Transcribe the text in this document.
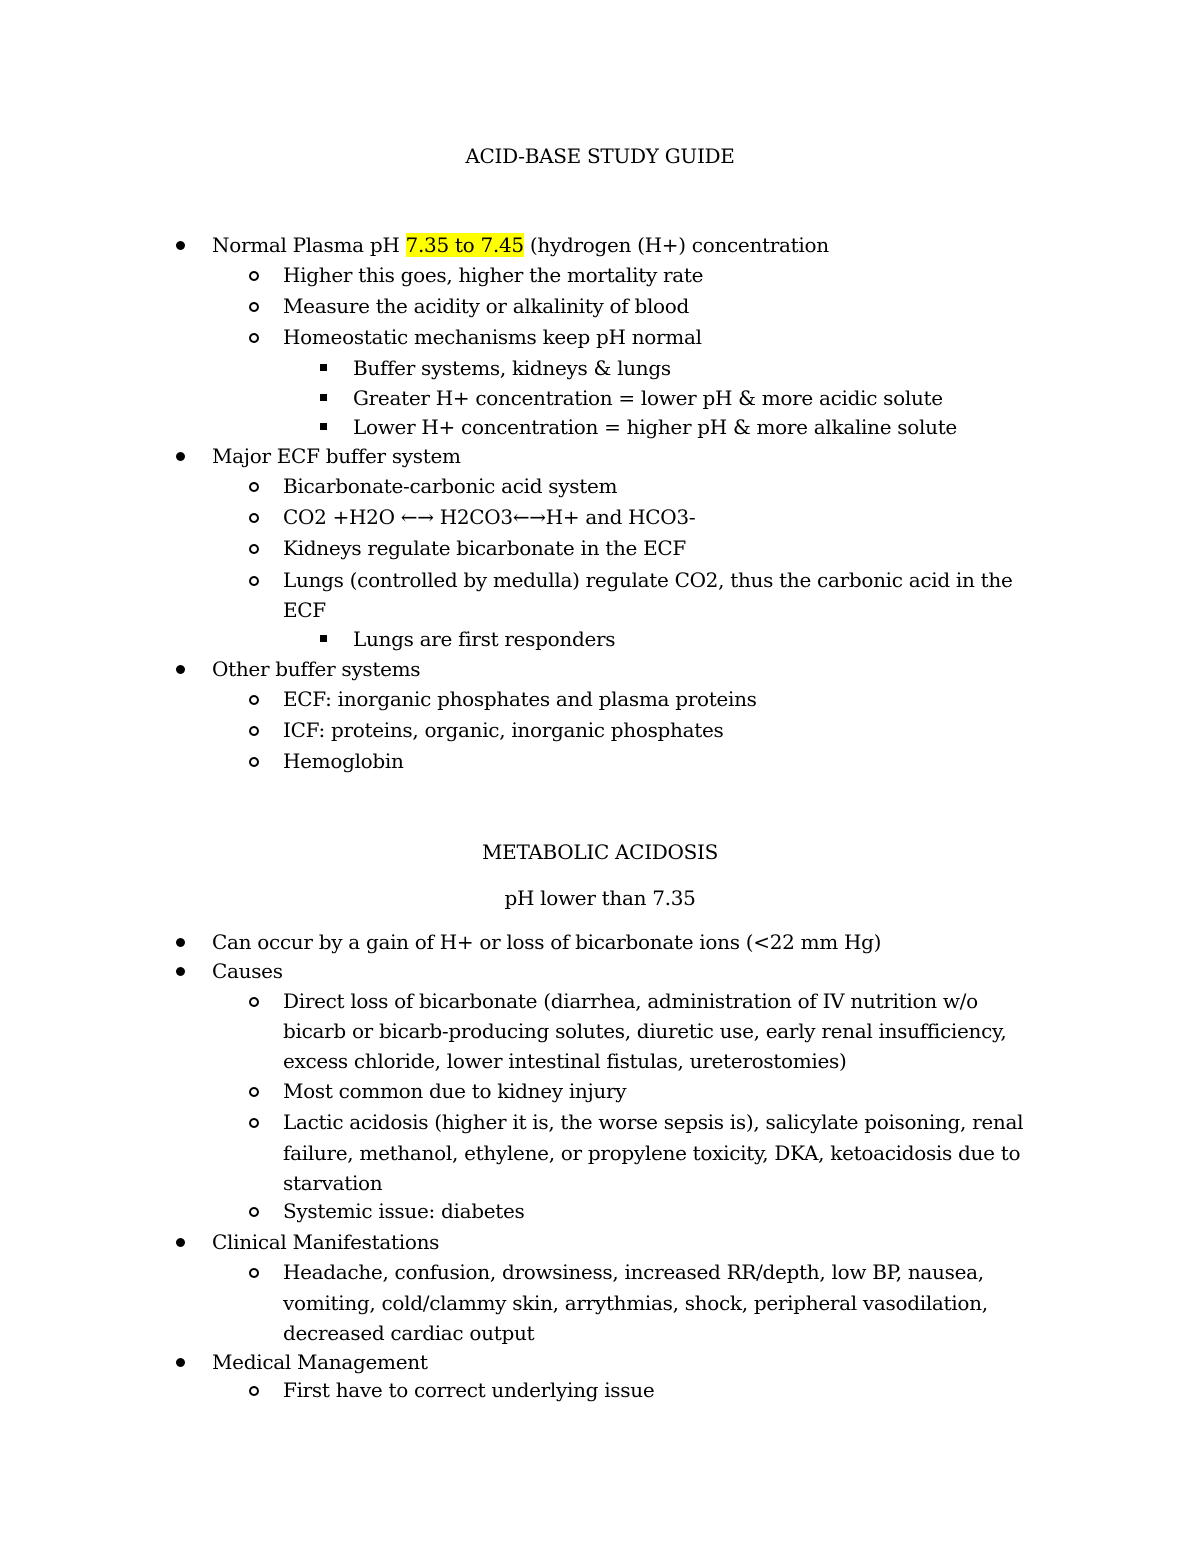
ACID-BASE STUDY GUIDE
Normal Plasma pH 7.35 to 7.45 (hydrogen (H+) concentration
Higher this goes, higher the mortality rate
Measure the acidity or alkalinity of blood
Homeostatic mechanisms keep pH normal
Buffer systems, kidneys & lungs
Greater H+ concentration = lower pH & more acidic solute
Lower H+ concentration = higher pH & more alkaline solute
Major ECF buffer system
Bicarbonate-carbonic acid system
CO2 +H2O ←→ H2CO3←→H+ and HCO3-
Kidneys regulate bicarbonate in the ECF
Lungs (controlled by medulla) regulate CO2, thus the carbonic acid in the
ECF
Lungs are first responders
Other buffer systems
ECF: inorganic phosphates and plasma proteins
ICF: proteins, organic, inorganic phosphates
Hemoglobin
METABOLIC ACIDOSIS
pH lower than 7.35
Can occur by a gain of H+ or loss of bicarbonate ions (<22 mm Hg)
Causes
Direct loss of bicarbonate (diarrhea, administration of IV nutrition w/o
bicarb or bicarb-producing solutes, diuretic use, early renal insufficiency,
excess chloride, lower intestinal fistulas, ureterostomies)
Most common due to kidney injury
Lactic acidosis (higher it is, the worse sepsis is), salicylate poisoning, renal
failure, methanol, ethylene, or propylene toxicity, DKA, ketoacidosis due to
starvation
Systemic issue: diabetes
Clinical Manifestations
Headache, confusion, drowsiness, increased RR/depth, low BP, nausea,
vomiting, cold/clammy skin, arrythmias, shock, peripheral vasodilation,
decreased cardiac output
Medical Management
First have to correct underlying issue
